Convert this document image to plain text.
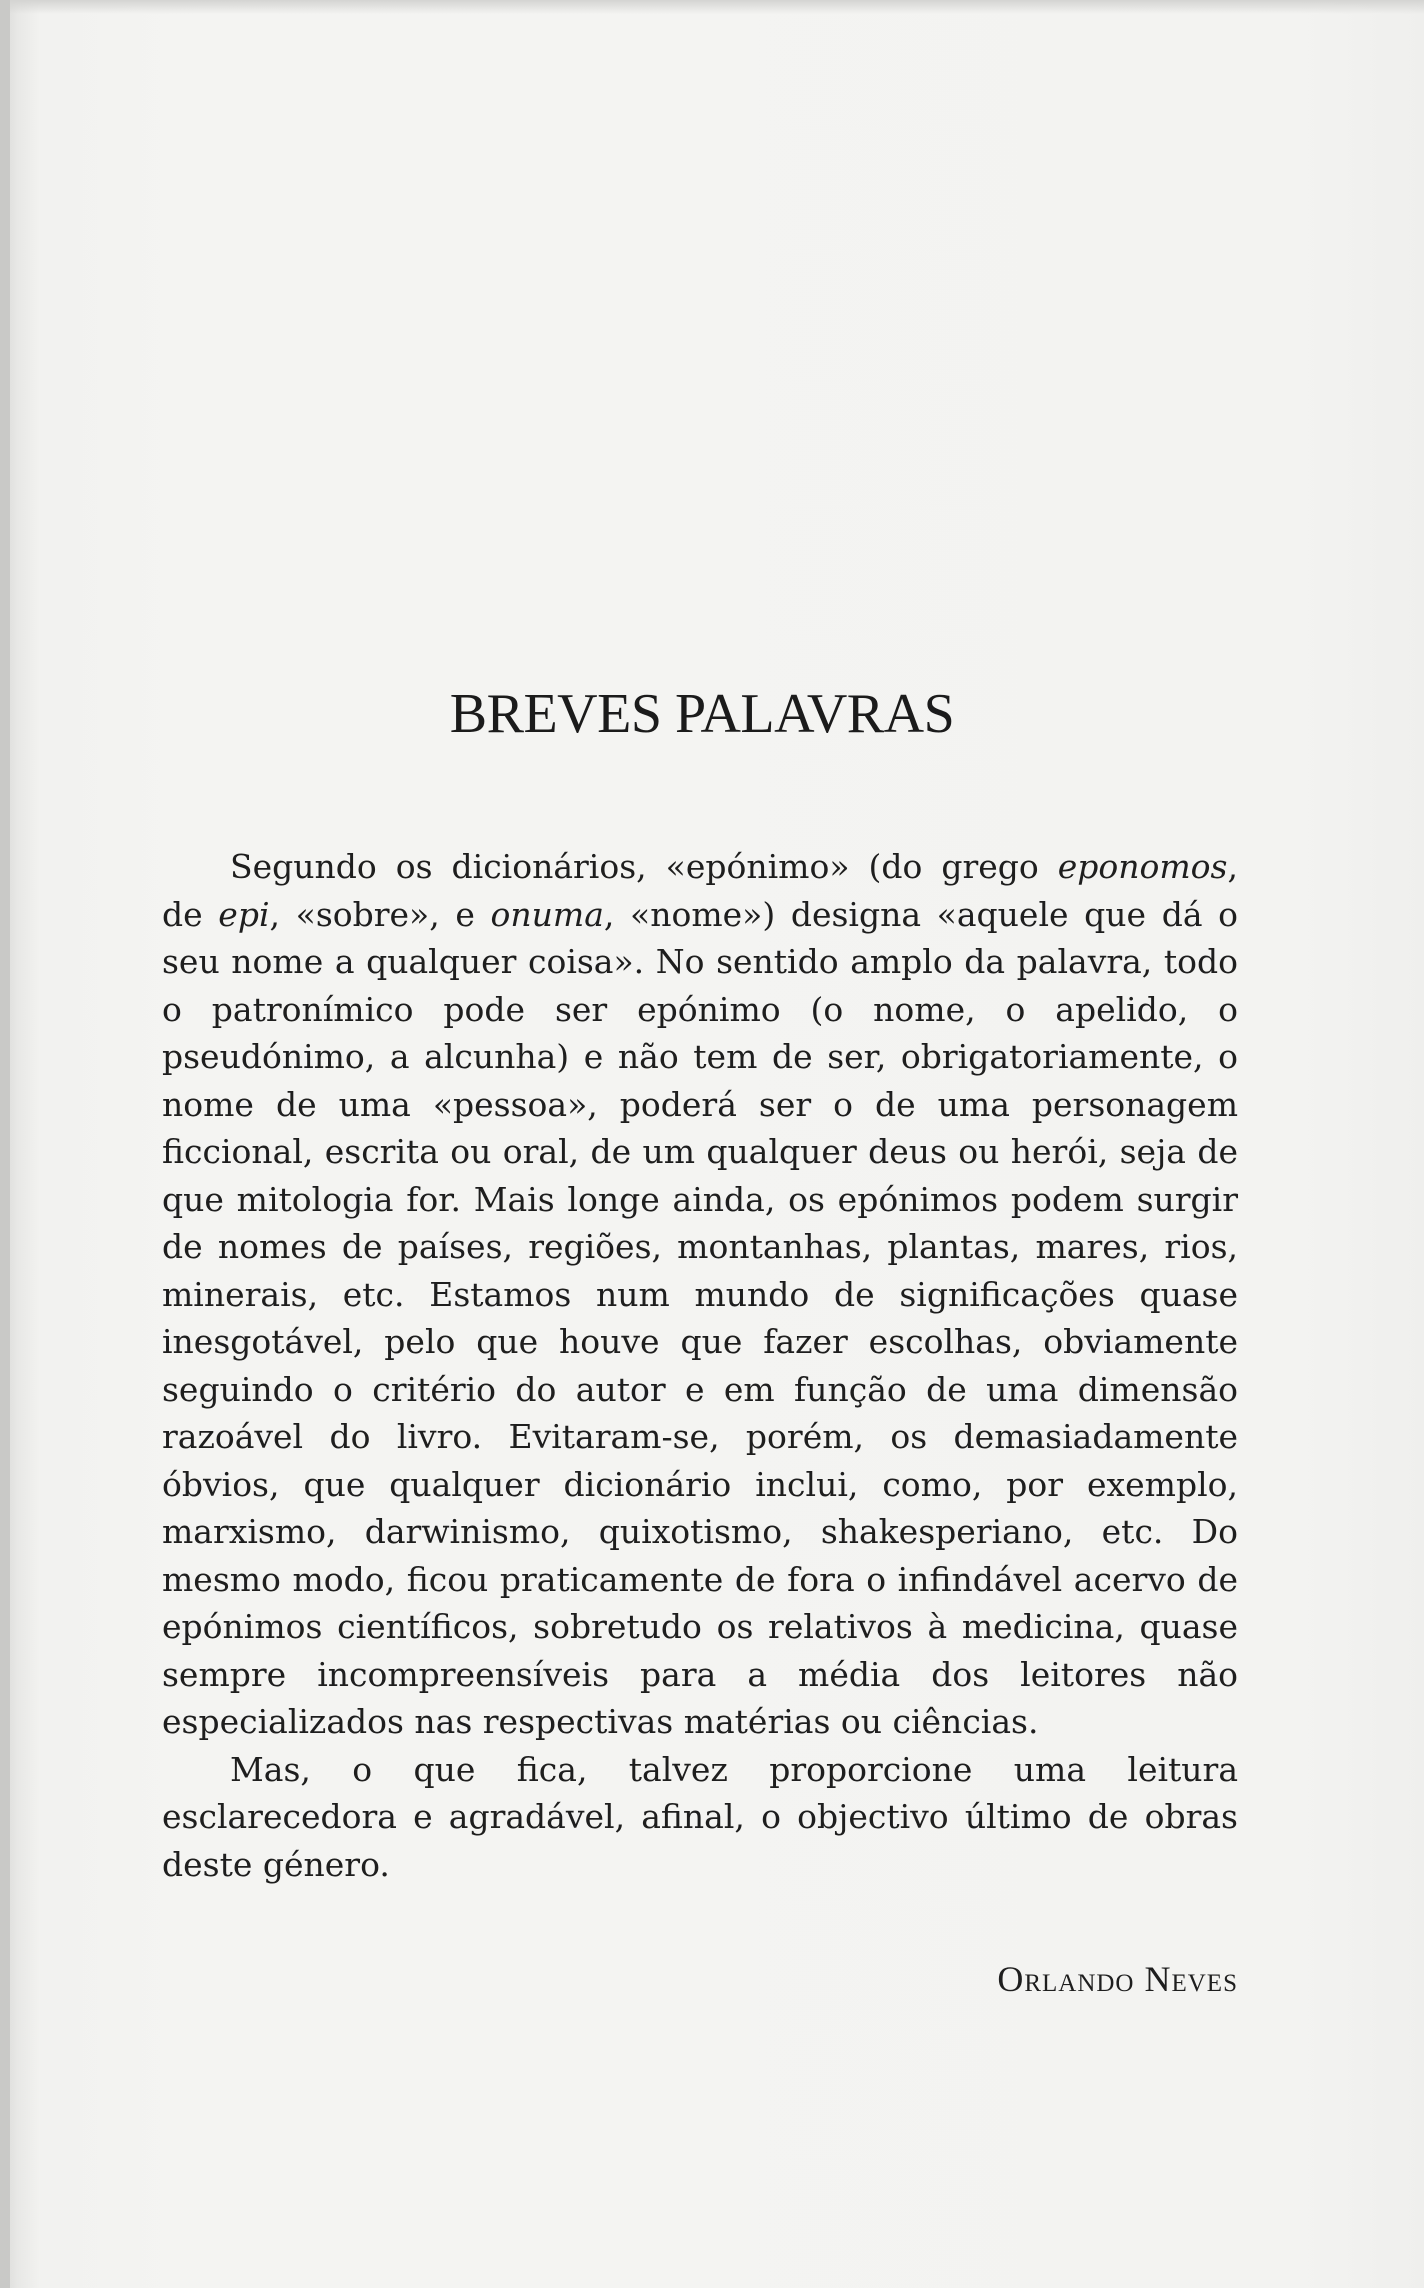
BREVES PALAVRAS

Segundo os dicionários, «epónimo» (do grego eponomos, de epi, «sobre», e onuma, «nome») designa «aquele que dá o seu nome a qualquer coisa». No sentido amplo da palavra, todo o patronímico pode ser epónimo (o nome, o apelido, o pseudónimo, a alcunha) e não tem de ser, obrigatoriamente, o nome de uma «pessoa», poderá ser o de uma personagem ficcional, escrita ou oral, de um qualquer deus ou herói, seja de que mitologia for. Mais longe ainda, os epónimos podem surgir de nomes de países, regiões, montanhas, plantas, mares, rios, minerais, etc. Estamos num mundo de significações quase inesgotável, pelo que houve que fazer escolhas, obviamente seguindo o critério do autor e em função de uma dimensão razoável do livro. Evitaram-se, porém, os demasiadamente óbvios, que qualquer dicionário inclui, como, por exemplo, marxismo, darwinismo, quixotismo, shakesperiano, etc. Do mesmo modo, ficou praticamente de fora o infindável acervo de epónimos científicos, sobretudo os relativos à medicina, quase sempre incompreensíveis para a média dos leitores não especializados nas respectivas matérias ou ciências.

Mas, o que fica, talvez proporcione uma leitura esclarecedora e agradável, afinal, o objectivo último de obras deste género.

Orlando Neves
